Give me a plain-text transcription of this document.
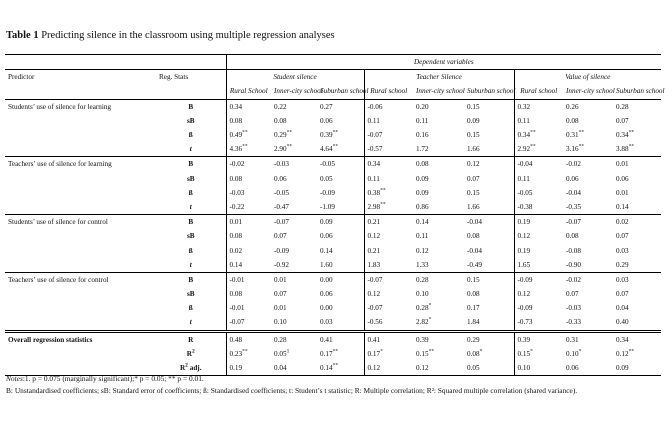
Table 1 Predicting silence in the classroom using multiple regression analyses
		Dependent variables								
Predictor	Reg. Stats	Student silence			Teacher Silence			Value of silence		
		Rural School	Inner-city school	Suburban school	Rural school	Inner-city school	Suburban school	Rural school	Inner-city school	Suburban school
Students’ use of silence for learning	B	0.34	0.22	0.27	-0.06	0.20	0.15	0.32	0.26	0.28
	sB	0.08	0.08	0.06	0.11	0.11	0.09	0.11	0.08	0.07
	ß	0.49**	0.29**	0.39**	-0.07	0.16	0.15	0.34**	0.31**	0.34**
	t	4.36**	2.90**	4.64**	-0.57	1.72	1.66	2.92**	3.16**	3.88**
Teachers’ use of silence for learning	B	-0.02	-0.03	-0.05	0.34	0.08	0.12	-0.04	-0.02	0.01
	sB	0.08	0.06	0.05	0.11	0.09	0.07	0.11	0.06	0.06
	ß	-0.03	-0.05	-0.09	0.38**	0.09	0.15	-0.05	-0.04	0.01
	t	-0.22	-0.47	-1.09	2.98**	0.86	1.66	-0.38	-0.35	0.14
Students’ use of silence for control	B	0.01	-0.07	0.09	0.21	0.14	-0.04	0.19	-0.07	0.02
	sB	0.08	0.07	0.06	0.12	0.11	0.08	0.12	0.08	0.07
	ß	0.02	-0.09	0.14	0.21	0.12	-0.04	0.19	-0.08	0.03
	t	0.14	-0.92	1.60	1.83	1.33	-0.49	1.65	-0.90	0.29
Teachers’ use of silence for control	B	-0.01	0.01	0.00	-0.07	0.28	0.15	-0.09	-0.02	0.03
	sB	0.08	0.07	0.06	0.12	0.10	0.08	0.12	0.07	0.07
	ß	-0.01	0.01	0.00	-0.07	0.28*	0.17	-0.09	-0.03	0.04
	t	-0.07	0.10	0.03	-0.56	2.82*	1.84	-0.73	-0.33	0.40
Overall regression statistics	R	0.48	0.28	0.41	0.41	0.39	0.29	0.39	0.31	0.34
	$R^2$	0.23**	0.05$^1$	0.17**	0.17*	0.15**	0.08*	0.15*	0.10*	0.12**
	$R^2$ adj.	0.19	0.04	0.14**	0.12	0.12	0.05	0.10	0.06	0.09
Notes:1. p = 0.075 (marginally significant);* p = 0.05; ** p = 0.01.
B: Unstandardised coefficients; sB: Standard error of coefficients; ß: Standardised coefficients; t: Student’s t statistic; R: Multiple correlation; R²: Squared multiple correlation (shared variance).
